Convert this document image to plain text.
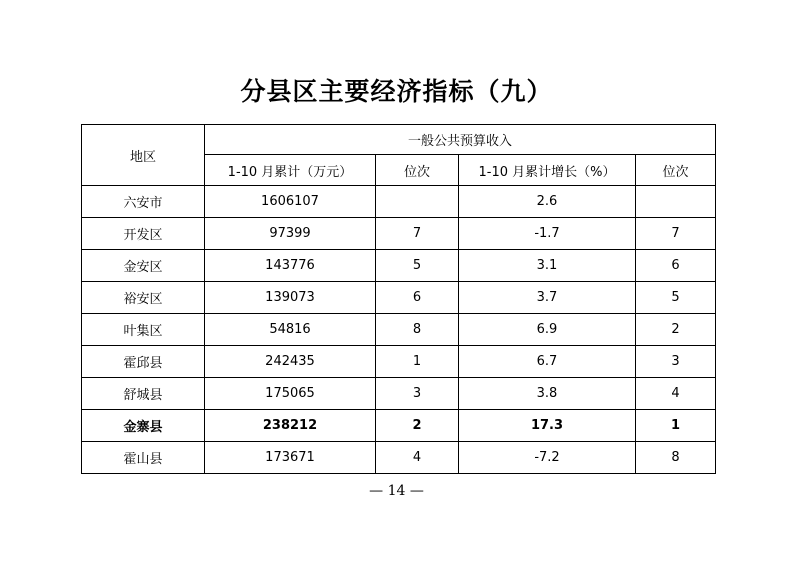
分县区主要经济指标（九）
地区	一般公共预算收入			
	1-10 月累计（万元）	位次	1-10 月累计增长（%）	位次
六安市	1606107		2.6	
开发区	97399	7	-1.7	7
金安区	143776	5	3.1	6
裕安区	139073	6	3.7	5
叶集区	54816	8	6.9	2
霍邱县	242435	1	6.7	3
舒城县	175065	3	3.8	4
金寨县	238212	2	17.3	1
霍山县	173671	4	-7.2	8
— 14 —
